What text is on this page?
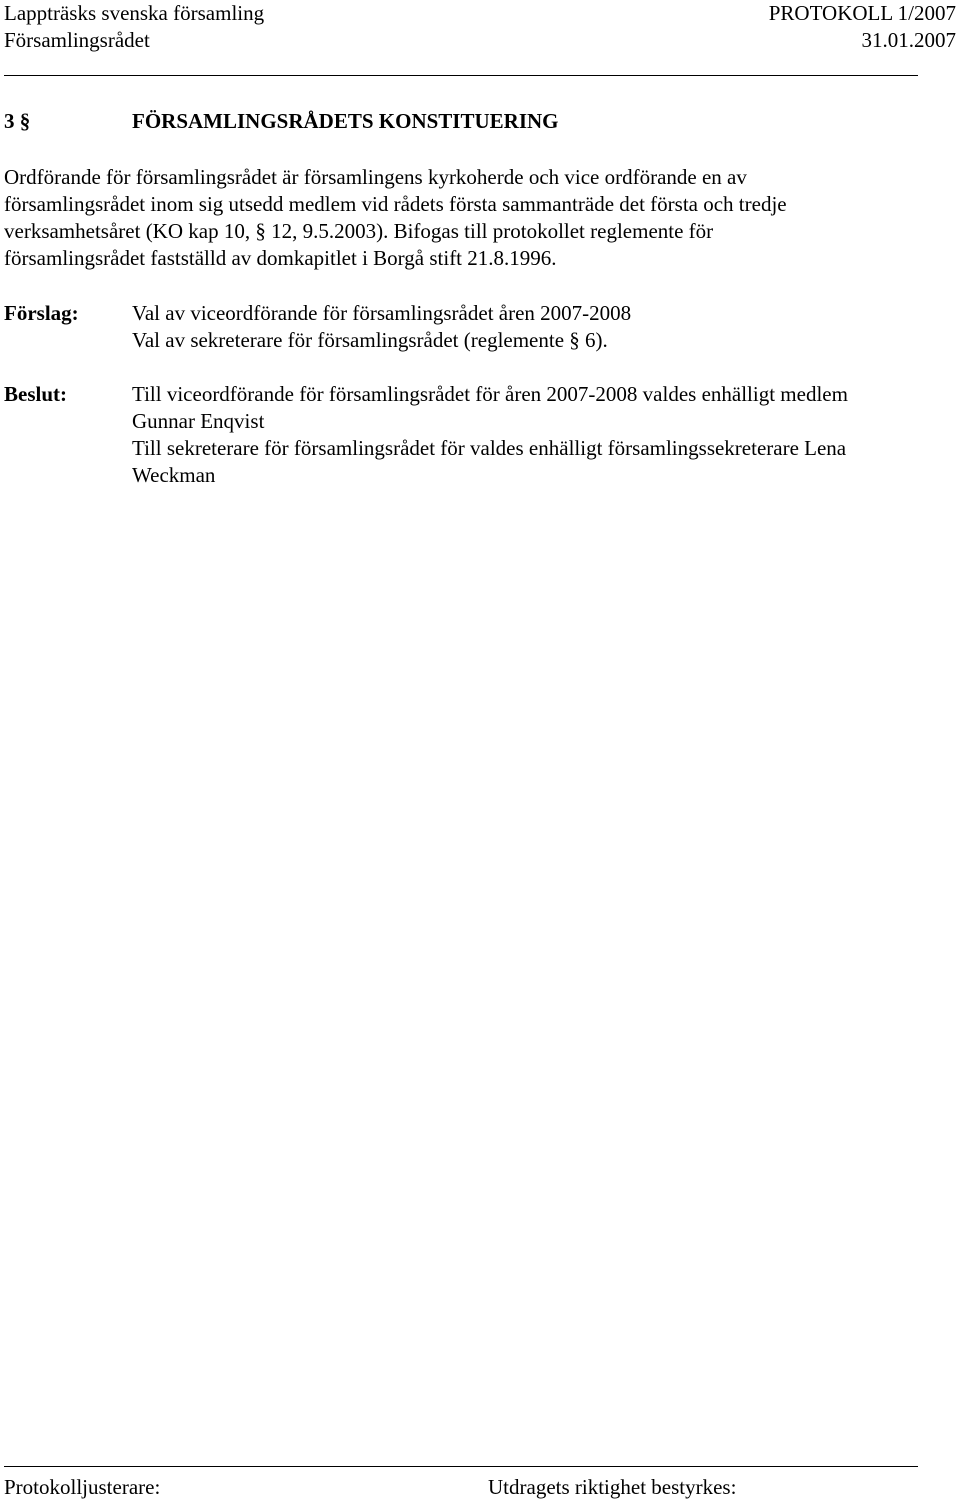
Lappträsks svenska församling	PROTOKOLL 1/2007
Församlingsrådet	31.01.2007
3 §	FÖRSAMLINGSRÅDETS KONSTITUERING

Ordförande för församlingsrådet är församlingens kyrkoherde och vice ordförande en av

församlingsrådet inom sig utsedd medlem vid rådets första sammanträde det första och tredje

verksamhetsåret (KO kap 10, § 12, 9.5.2003). Bifogas till protokollet reglemente för

församlingsrådet fastställd av domkapitlet i Borgå stift 21.8.1996.

Förslag:	Val av viceordförande för församlingsrådet åren 2007-2008

Val av sekreterare för församlingsrådet (reglemente § 6).

Beslut:	Till viceordförande för församlingsrådet för åren 2007-2008 valdes enhälligt medlem

Gunnar Enqvist

Till sekreterare för församlingsrådet för valdes enhälligt församlingssekreterare Lena

Weckman

Protokolljusterare:	Utdragets riktighet bestyrkes:
